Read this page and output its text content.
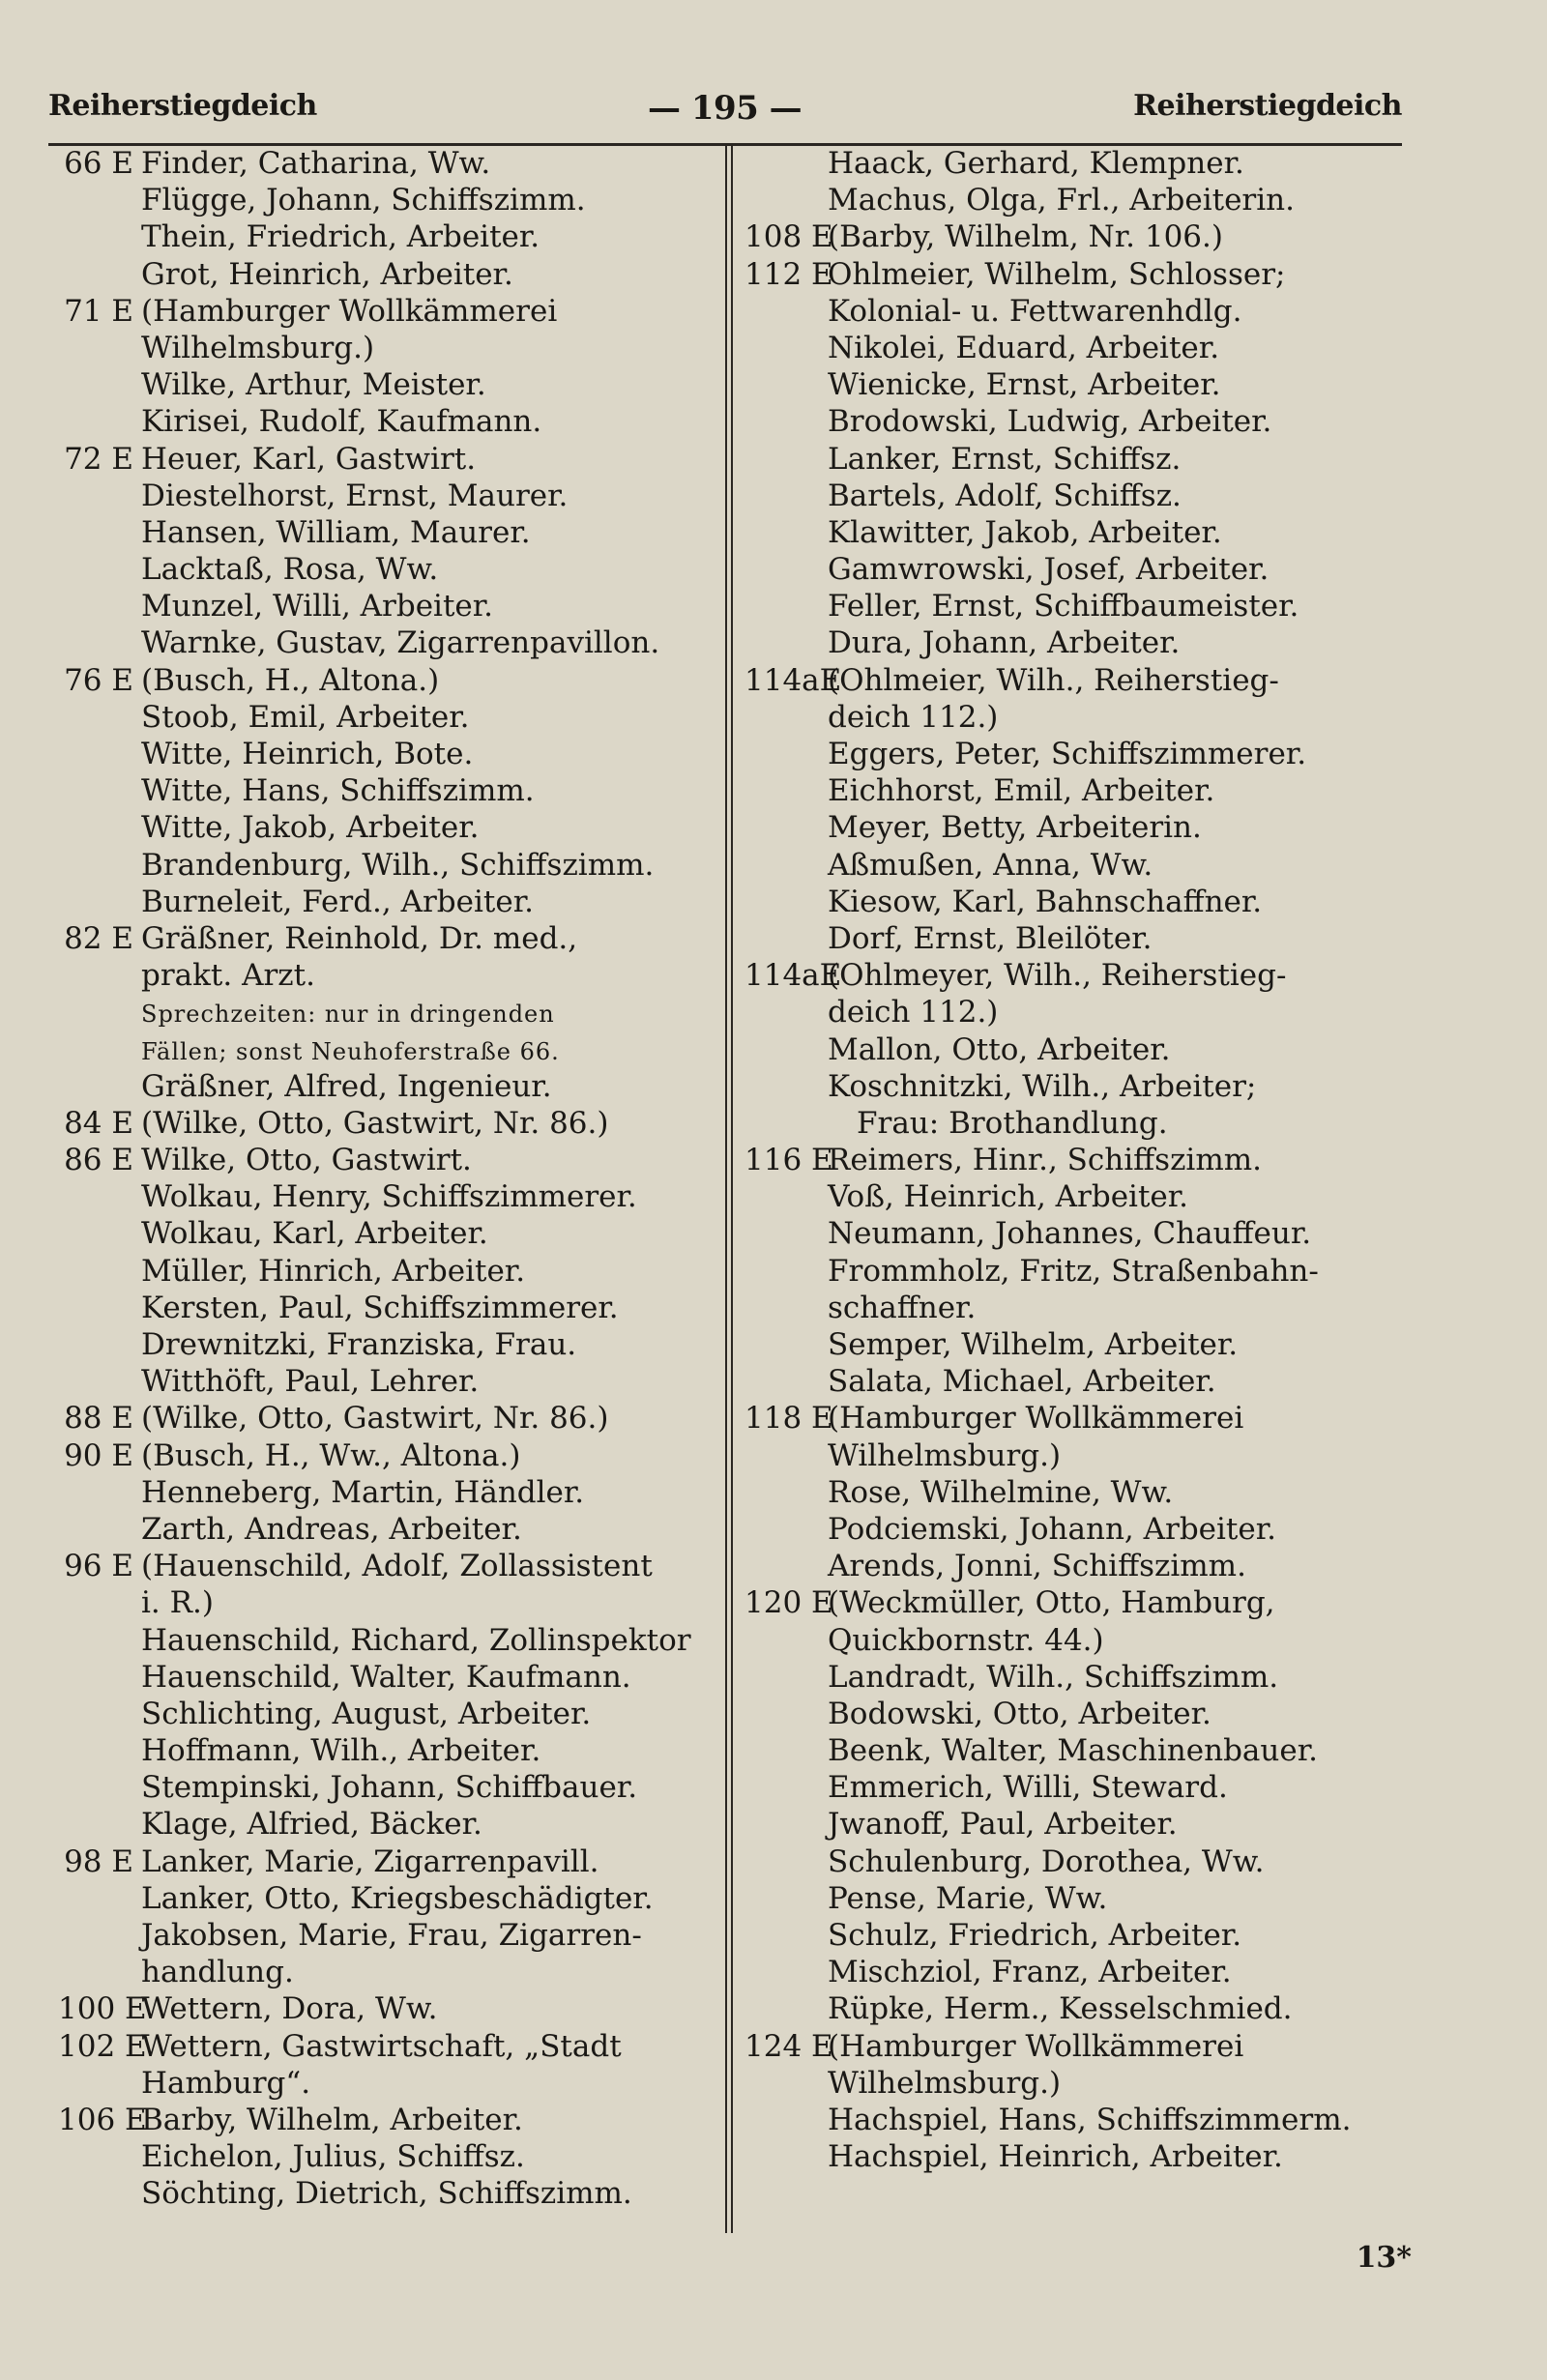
Reiherstiegdeich	— 195 —	Reiherstiegdeich
66 E Finder, Catharina, Ww.
Flügge, Johann, Schiffszimm.
Thein, Friedrich, Arbeiter.
Grot, Heinrich, Arbeiter.
71 E (Hamburger Wollkämmerei
Wilhelmsburg.)
Wilke, Arthur, Meister.
Kirisei, Rudolf, Kaufmann.
72 E Heuer, Karl, Gastwirt.
Diestelhorst, Ernst, Maurer.
Hansen, William, Maurer.
Lacktaß, Rosa, Ww.
Munzel, Willi, Arbeiter.
Warnke, Gustav, Zigarrenpavillon.
76 E (Busch, H., Altona.)
Stoob, Emil, Arbeiter.
Witte, Heinrich, Bote.
Witte, Hans, Schiffszimm.
Witte, Jakob, Arbeiter.
Brandenburg, Wilh., Schiffszimm.
Burneleit, Ferd., Arbeiter.
82 E Gräßner, Reinhold, Dr. med.,
prakt. Arzt.
Sprechzeiten: nur in dringenden
Fällen; sonst Neuhoferstraße 66.
Gräßner, Alfred, Ingenieur.
84 E (Wilke, Otto, Gastwirt, Nr. 86.)
86 E Wilke, Otto, Gastwirt.
Wolkau, Henry, Schiffszimmerer.
Wolkau, Karl, Arbeiter.
Müller, Hinrich, Arbeiter.
Kersten, Paul, Schiffszimmerer.
Drewnitzki, Franziska, Frau.
Witthöft, Paul, Lehrer.
88 E (Wilke, Otto, Gastwirt, Nr. 86.)
90 E (Busch, H., Ww., Altona.)
Henneberg, Martin, Händler.
Zarth, Andreas, Arbeiter.
96 E (Hauenschild, Adolf, Zollassistent
i. R.)
Hauenschild, Richard, Zollinspektor
Hauenschild, Walter, Kaufmann.
Schlichting, August, Arbeiter.
Hoffmann, Wilh., Arbeiter.
Stempinski, Johann, Schiffbauer.
Klage, Alfried, Bäcker.
98 E Lanker, Marie, Zigarrenpavill.
Lanker, Otto, Kriegsbeschädigter.
Jakobsen, Marie, Frau, Zigarren-
handlung.
100 EWettern, Dora, Ww.
102 EWettern, Gastwirtschaft, „Stadt
Hamburg“.
106 EBarby, Wilhelm, Arbeiter.
Eichelon, Julius, Schiffsz.
Söchting, Dietrich, Schiffszimm.
Haack, Gerhard, Klempner.
Machus, Olga, Frl., Arbeiterin.
108 E(Barby, Wilhelm, Nr. 106.)
112 EOhlmeier, Wilhelm, Schlosser;
Kolonial- u. Fettwarenhdlg.
Nikolei, Eduard, Arbeiter.
Wienicke, Ernst, Arbeiter.
Brodowski, Ludwig, Arbeiter.
Lanker, Ernst, Schiffsz.
Bartels, Adolf, Schiffsz.
Klawitter, Jakob, Arbeiter.
Gamwrowski, Josef, Arbeiter.
Feller, Ernst, Schiffbaumeister.
Dura, Johann, Arbeiter.
114aE(Ohlmeier, Wilh., Reiherstieg-
deich 112.)
Eggers, Peter, Schiffszimmerer.
Eichhorst, Emil, Arbeiter.
Meyer, Betty, Arbeiterin.
Aßmußen, Anna, Ww.
Kiesow, Karl, Bahnschaffner.
Dorf, Ernst, Bleilöter.
114aE(Ohlmeyer, Wilh., Reiherstieg-
deich 112.)
Mallon, Otto, Arbeiter.
Koschnitzki, Wilh., Arbeiter;
Frau: Brothandlung.
116 EReimers, Hinr., Schiffszimm.
Voß, Heinrich, Arbeiter.
Neumann, Johannes, Chauffeur.
Frommholz, Fritz, Straßenbahn-
schaffner.
Semper, Wilhelm, Arbeiter.
Salata, Michael, Arbeiter.
118 E(Hamburger Wollkämmerei
Wilhelmsburg.)
Rose, Wilhelmine, Ww.
Podciemski, Johann, Arbeiter.
Arends, Jonni, Schiffszimm.
120 E(Weckmüller, Otto, Hamburg,
Quickbornstr. 44.)
Landradt, Wilh., Schiffszimm.
Bodowski, Otto, Arbeiter.
Beenk, Walter, Maschinenbauer.
Emmerich, Willi, Steward.
Jwanoff, Paul, Arbeiter.
Schulenburg, Dorothea, Ww.
Pense, Marie, Ww.
Schulz, Friedrich, Arbeiter.
Mischziol, Franz, Arbeiter.
Rüpke, Herm., Kesselschmied.
124 E(Hamburger Wollkämmerei
Wilhelmsburg.)
Hachspiel, Hans, Schiffszimmerm.
Hachspiel, Heinrich, Arbeiter.
13*
